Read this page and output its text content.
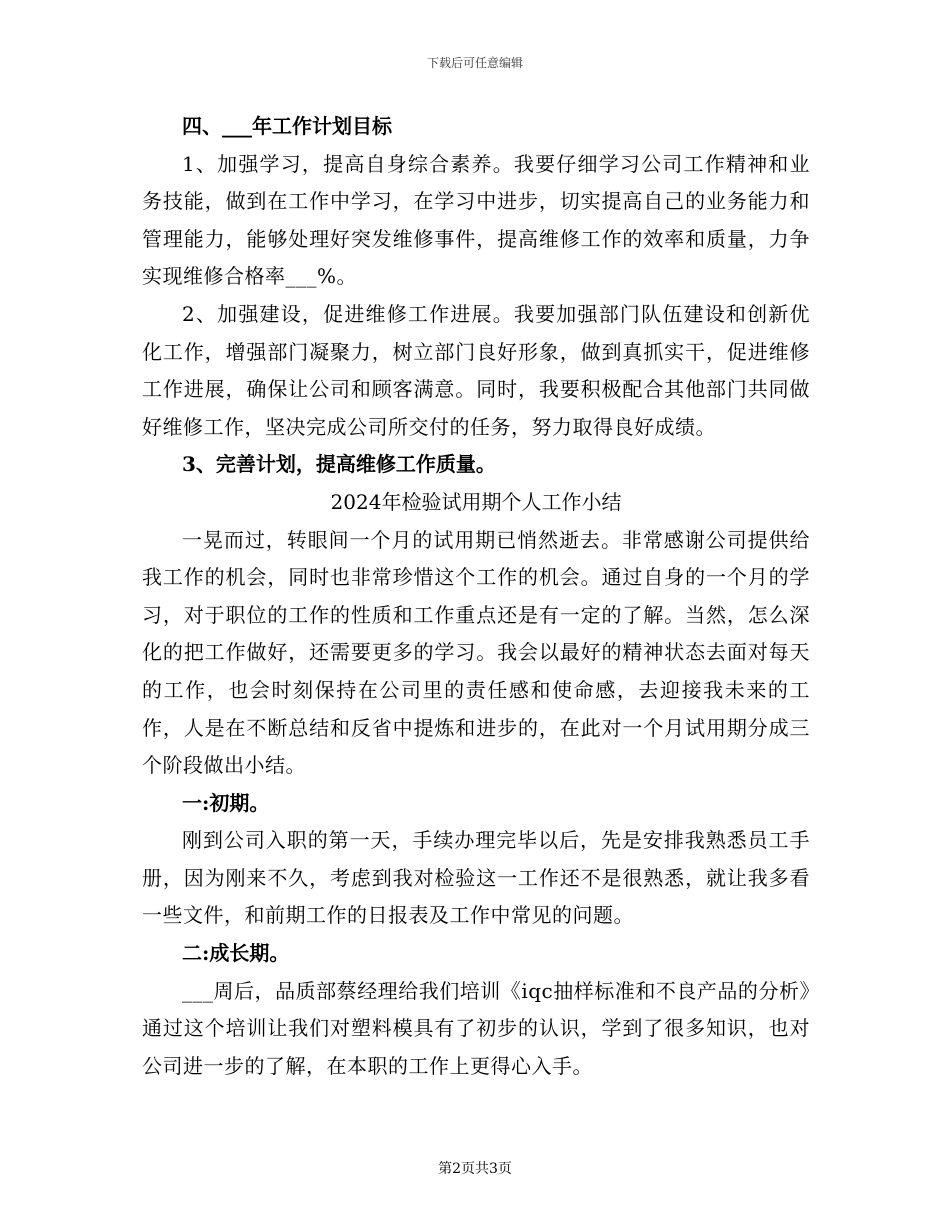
下载后可任意编辑

四、___年工作计划目标

1、加强学习，提高自身综合素养。我要仔细学习公司工作精神和业务技能，做到在工作中学习，在学习中进步，切实提高自己的业务能力和管理能力，能够处理好突发维修事件，提高维修工作的效率和质量，力争实现维修合格率___%。

2、加强建设，促进维修工作进展。我要加强部门队伍建设和创新优化工作，增强部门凝聚力，树立部门良好形象，做到真抓实干，促进维修工作进展，确保让公司和顾客满意。同时，我要积极配合其他部门共同做好维修工作，坚决完成公司所交付的任务，努力取得良好成绩。

3、完善计划，提高维修工作质量。

2024年检验试用期个人工作小结

一晃而过，转眼间一个月的试用期已悄然逝去。非常感谢公司提供给我工作的机会，同时也非常珍惜这个工作的机会。通过自身的一个月的学习，对于职位的工作的性质和工作重点还是有一定的了解。当然，怎么深化的把工作做好，还需要更多的学习。我会以最好的精神状态去面对每天的工作，也会时刻保持在公司里的责任感和使命感，去迎接我未来的工作，人是在不断总结和反省中提炼和进步的，在此对一个月试用期分成三个阶段做出小结。

一:初期。

刚到公司入职的第一天，手续办理完毕以后，先是安排我熟悉员工手册，因为刚来不久，考虑到我对检验这一工作还不是很熟悉，就让我多看一些文件，和前期工作的日报表及工作中常见的问题。

二:成长期。

___周后，品质部蔡经理给我们培训《iqc抽样标准和不良产品的分析》通过这个培训让我们对塑料模具有了初步的认识，学到了很多知识，也对公司进一步的了解，在本职的工作上更得心入手。

第2页共3页
